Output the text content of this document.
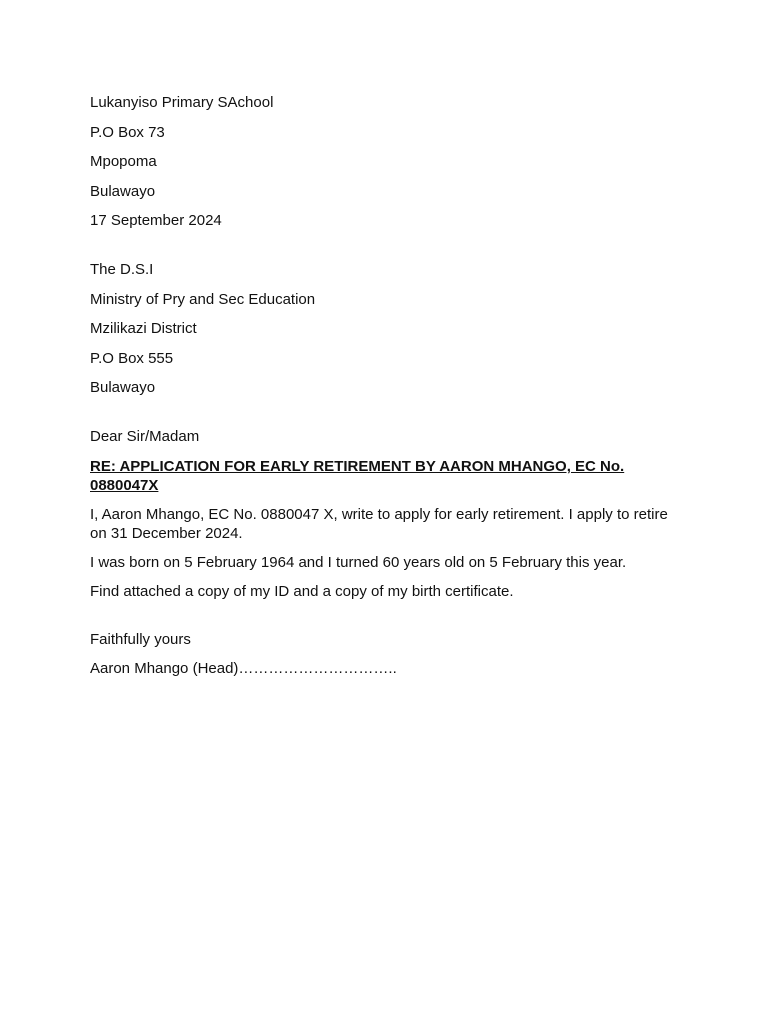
Lukanyiso Primary SAchool
P.O Box 73
Mpopoma
Bulawayo
17 September 2024
The D.S.I
Ministry of Pry and Sec Education
Mzilikazi District
P.O Box 555
Bulawayo
Dear Sir/Madam
RE: APPLICATION FOR EARLY RETIREMENT BY AARON MHANGO, EC No. 0880047X
I, Aaron Mhango, EC No. 0880047 X, write to apply for early retirement. I apply to retire on 31 December 2024.
I was born on 5 February 1964 and I turned 60 years old on 5 February this year.
Find attached a copy of my ID and a copy of my birth certificate.
Faithfully yours
Aaron Mhango (Head)…………………………..
